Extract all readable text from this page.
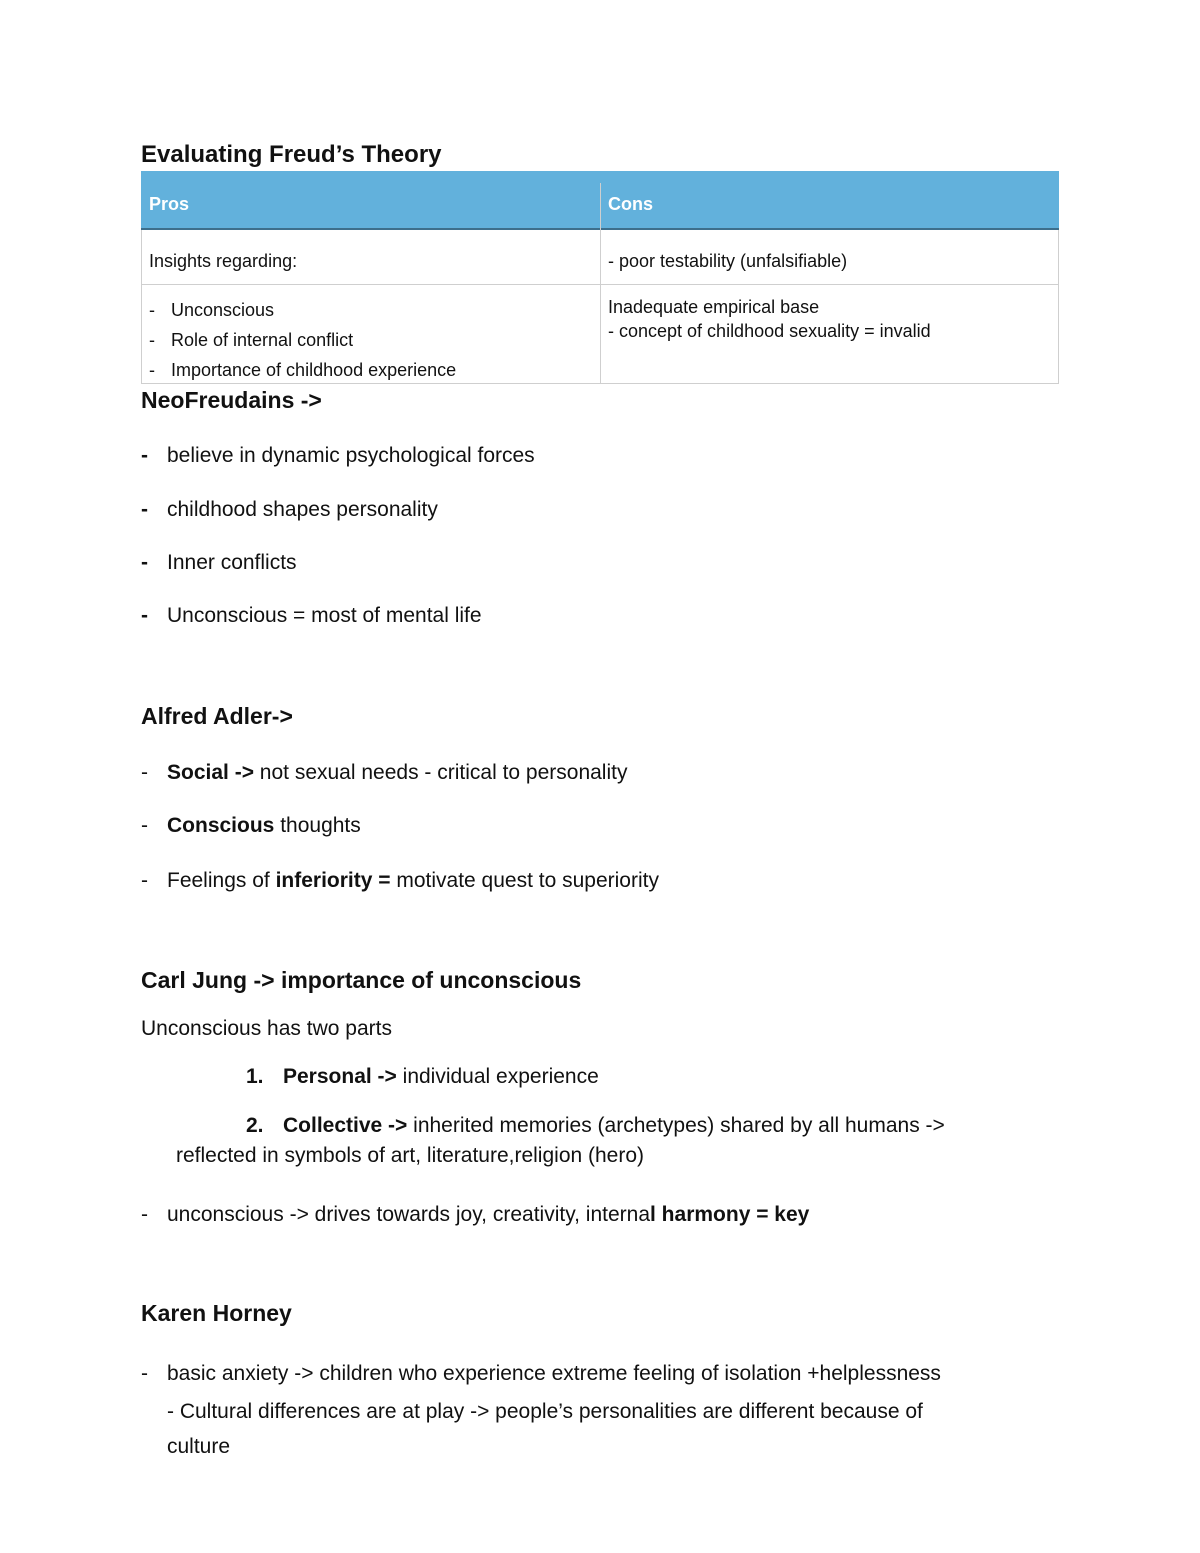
Evaluating Freud’s Theory
Pros	Cons
Insights regarding:	- poor testability (unfalsifiable)
- Unconscious
- Role of internal conflict
- Importance of childhood experience
Inadequate empirical base
- concept of childhood sexuality = invalid
NeoFreudains ->
- believe in dynamic psychological forces
- childhood shapes personality
- Inner conflicts
- Unconscious = most of mental life
Alfred Adler->
- Social -> not sexual needs - critical to personality
- Conscious thoughts
- Feelings of inferiority = motivate quest to superiority
Carl Jung -> importance of unconscious
Unconscious has two parts
1. Personal -> individual experience
2. Collective -> inherited memories (archetypes) shared by all humans ->
reflected in symbols of art, literature,religion (hero)
- unconscious -> drives towards joy, creativity, internal harmony = key
Karen Horney
- basic anxiety -> children who experience extreme feeling of isolation +helplessness
- Cultural differences are at play -> people’s personalities are different because of
culture
